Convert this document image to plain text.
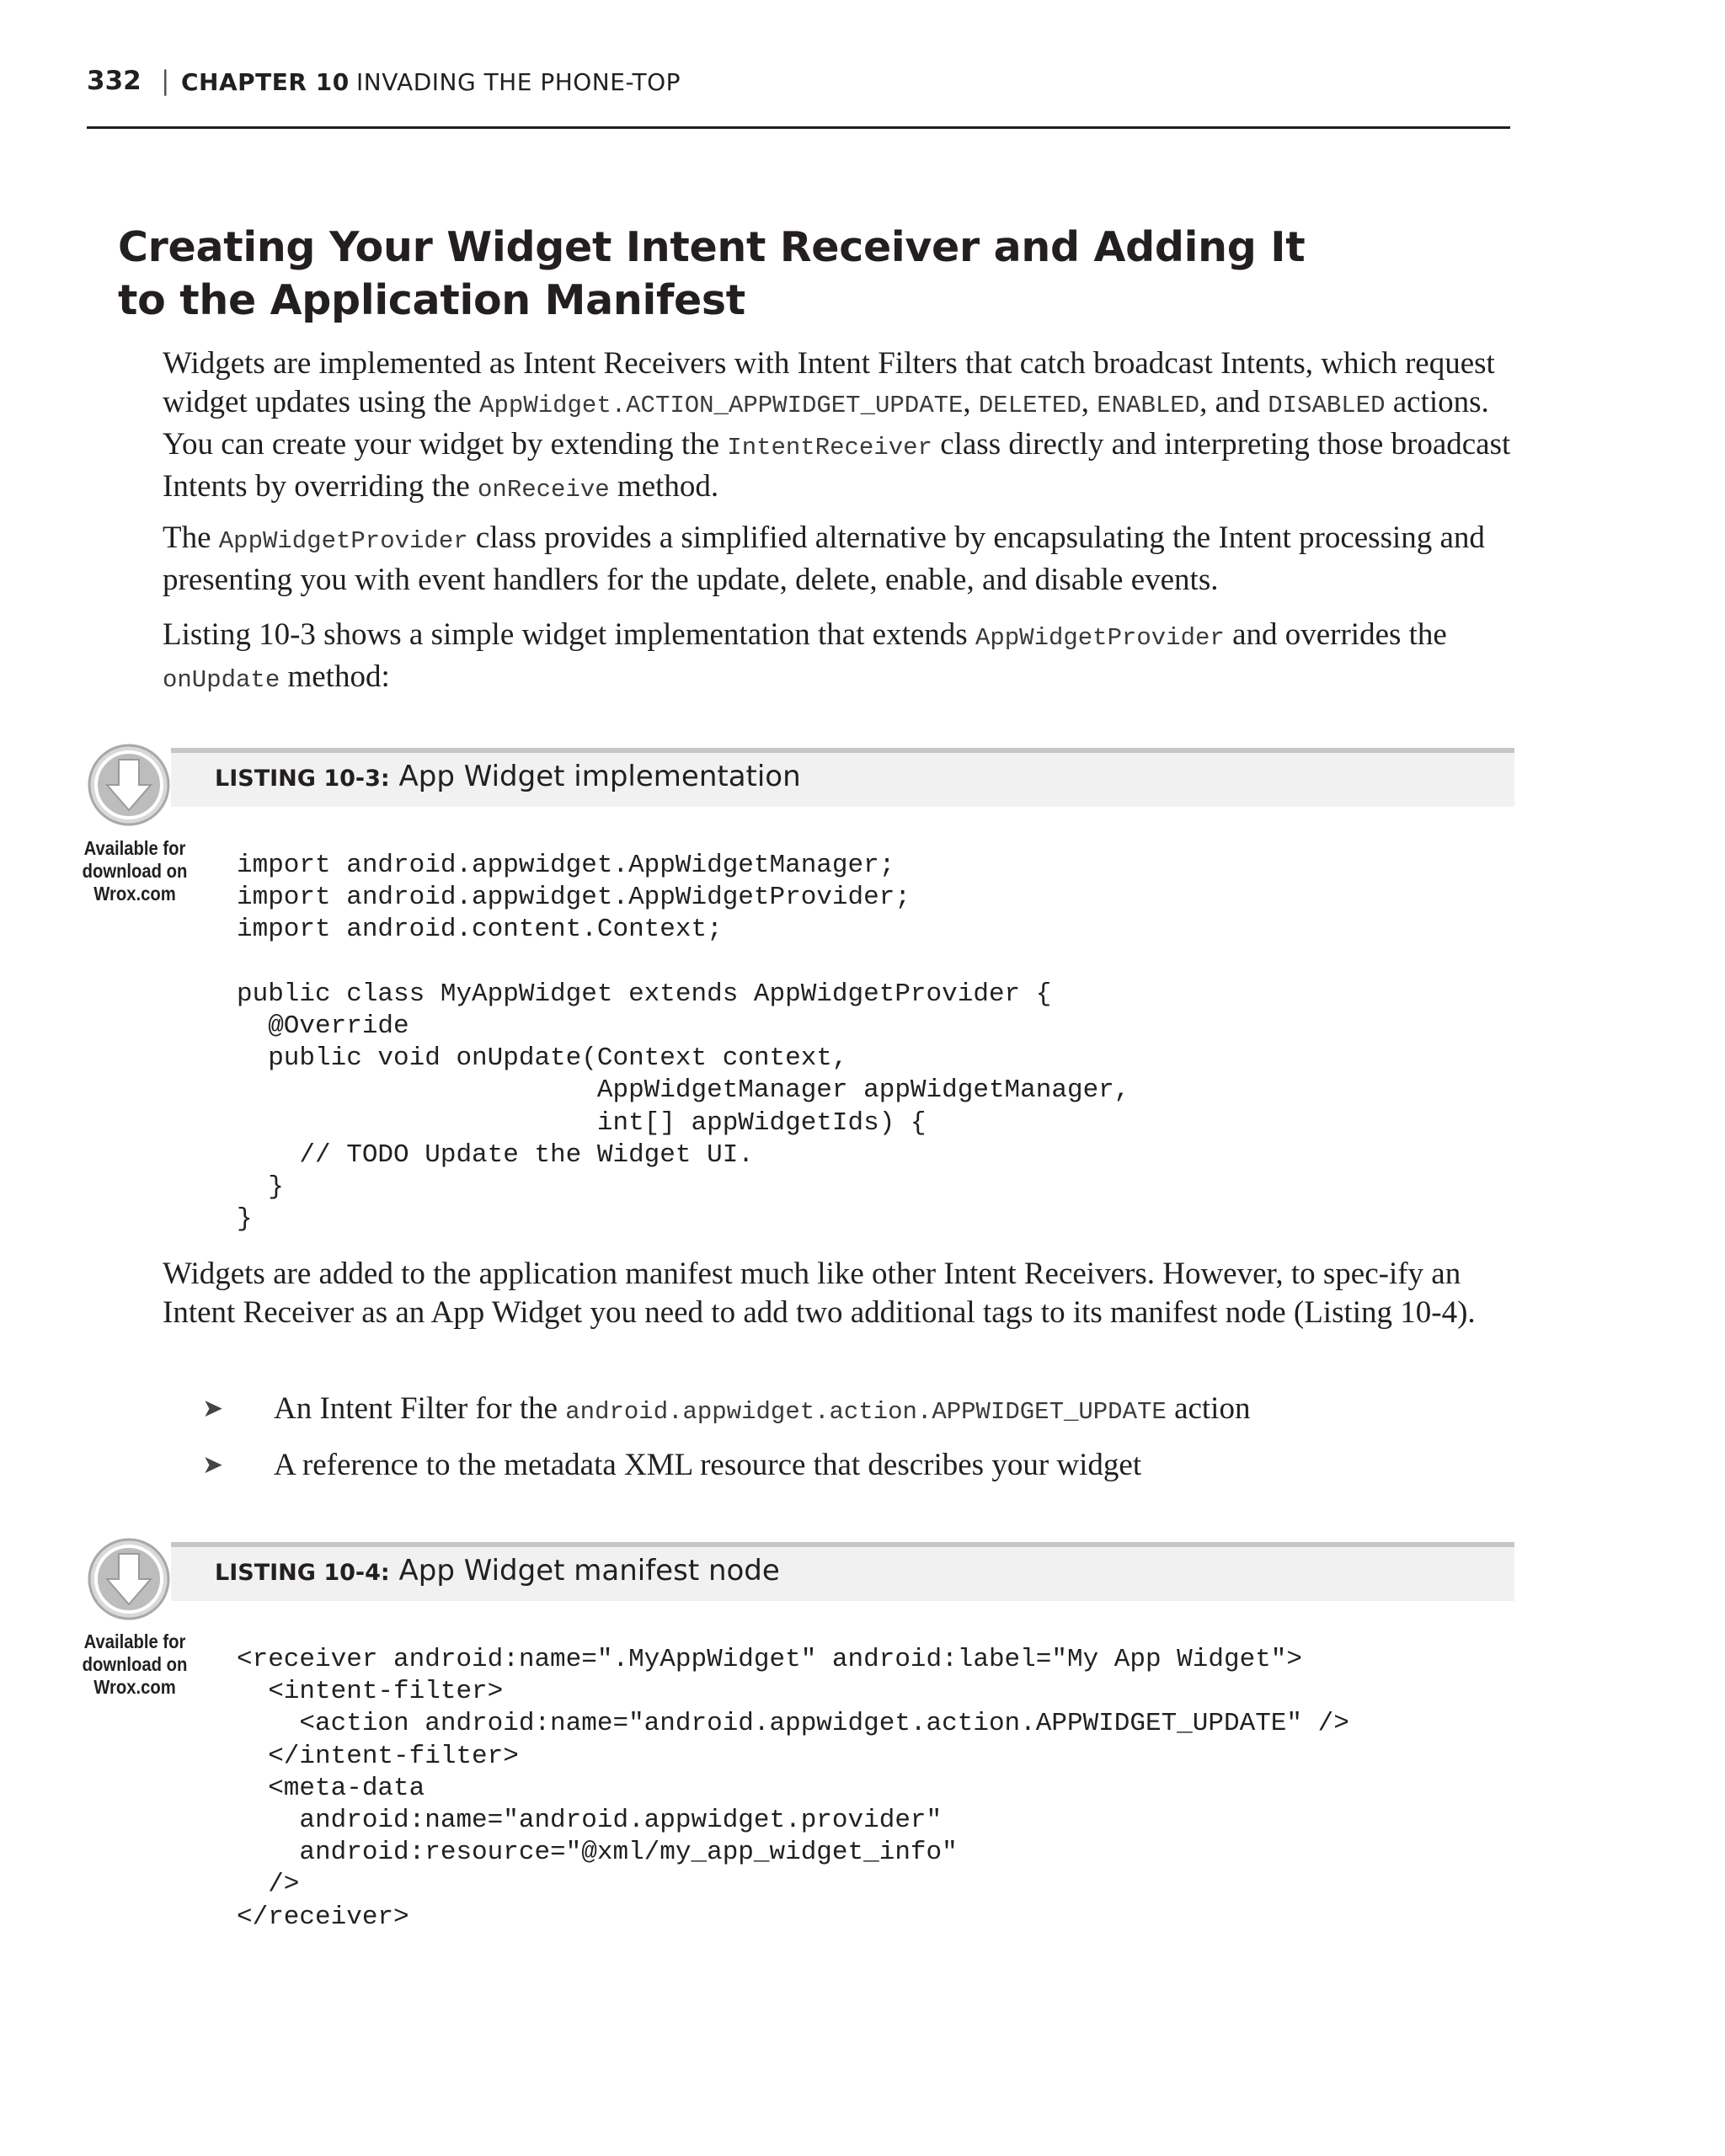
332 | CHAPTER 10 INVADING THE PHONE-TOP
Creating Your Widget Intent Receiver and Adding It
to the Application Manifest

Widgets are implemented as Intent Receivers with Intent Filters that catch broadcast Intents, which request widget updates using the AppWidget.ACTION_APPWIDGET_UPDATE, DELETED, ENABLED, and DISABLED actions. You can create your widget by extending the IntentReceiver class directly and interpreting those broadcast Intents by overriding the onReceive method.

The AppWidgetProvider class provides a simplified alternative by encapsulating the Intent processing and presenting you with event handlers for the update, delete, enable, and disable events.

Listing 10-3 shows a simple widget implementation that extends AppWidgetProvider and overrides the onUpdate method:

LISTING 10-3: App Widget implementation
Available for download on Wrox.com
import android.appwidget.AppWidgetManager;
import android.appwidget.AppWidgetProvider;
import android.content.Context;

public class MyAppWidget extends AppWidgetProvider {
@Override
public void onUpdate(Context context,
AppWidgetManager appWidgetManager,
int[] appWidgetIds) {
// TODO Update the Widget UI.
}
}

Widgets are added to the application manifest much like other Intent Receivers. However, to spec-ify an Intent Receiver as an App Widget you need to add two additional tags to its manifest node (Listing 10-4).

➤ An Intent Filter for the android.appwidget.action.APPWIDGET_UPDATE action
➤ A reference to the metadata XML resource that describes your widget
LISTING 10-4: App Widget manifest node
Available for download on Wrox.com
<receiver android:name=".MyAppWidget" android:label="My App Widget">
<intent-filter>
<action android:name="android.appwidget.action.APPWIDGET_UPDATE" />
</intent-filter>
<meta-data
android:name="android.appwidget.provider"
android:resource="@xml/my_app_widget_info"
/>
</receiver>
